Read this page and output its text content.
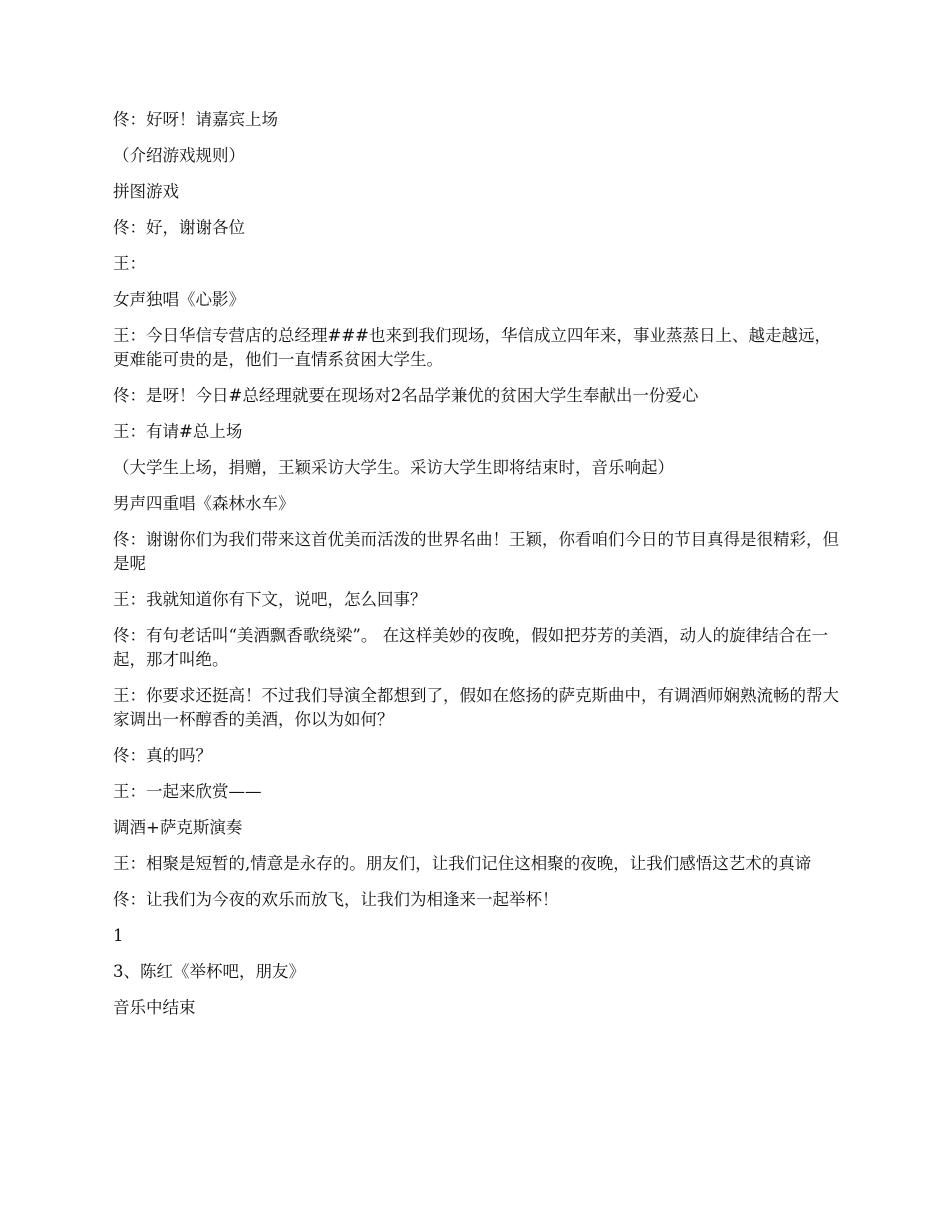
佟：好呀！请嘉宾上场

（介绍游戏规则）

拼图游戏

佟：好，谢谢各位

王：

女声独唱《心影》

王：今日华信专营店的总经理###也来到我们现场，华信成立四年来，事业蒸蒸日上、越走越远，更难能可贵的是，他们一直情系贫困大学生。

佟：是呀！今日#总经理就要在现场对2名品学兼优的贫困大学生奉献出一份爱心

王：有请#总上场

（大学生上场，捐赠，王颖采访大学生。采访大学生即将结束时，音乐响起）

男声四重唱《森林水车》

佟：谢谢你们为我们带来这首优美而活泼的世界名曲！王颖，你看咱们今日的节目真得是很精彩，但是呢

王：我就知道你有下文，说吧，怎么回事？

佟：有句老话叫“美酒飘香歌绕梁”。 在这样美妙的夜晚，假如把芬芳的美酒，动人的旋律结合在一起，那才叫绝。

王：你要求还挺高！不过我们导演全都想到了，假如在悠扬的萨克斯曲中，有调酒师娴熟流畅的帮大家调出一杯醇香的美酒，你以为如何？

佟：真的吗？

王：一起来欣赏——

调酒+萨克斯演奏

王：相聚是短暂的,情意是永存的。朋友们，让我们记住这相聚的夜晚，让我们感悟这艺术的真谛

佟：让我们为今夜的欢乐而放飞，让我们为相逢来一起举杯！

1

3、陈红《举杯吧，朋友》

音乐中结束
